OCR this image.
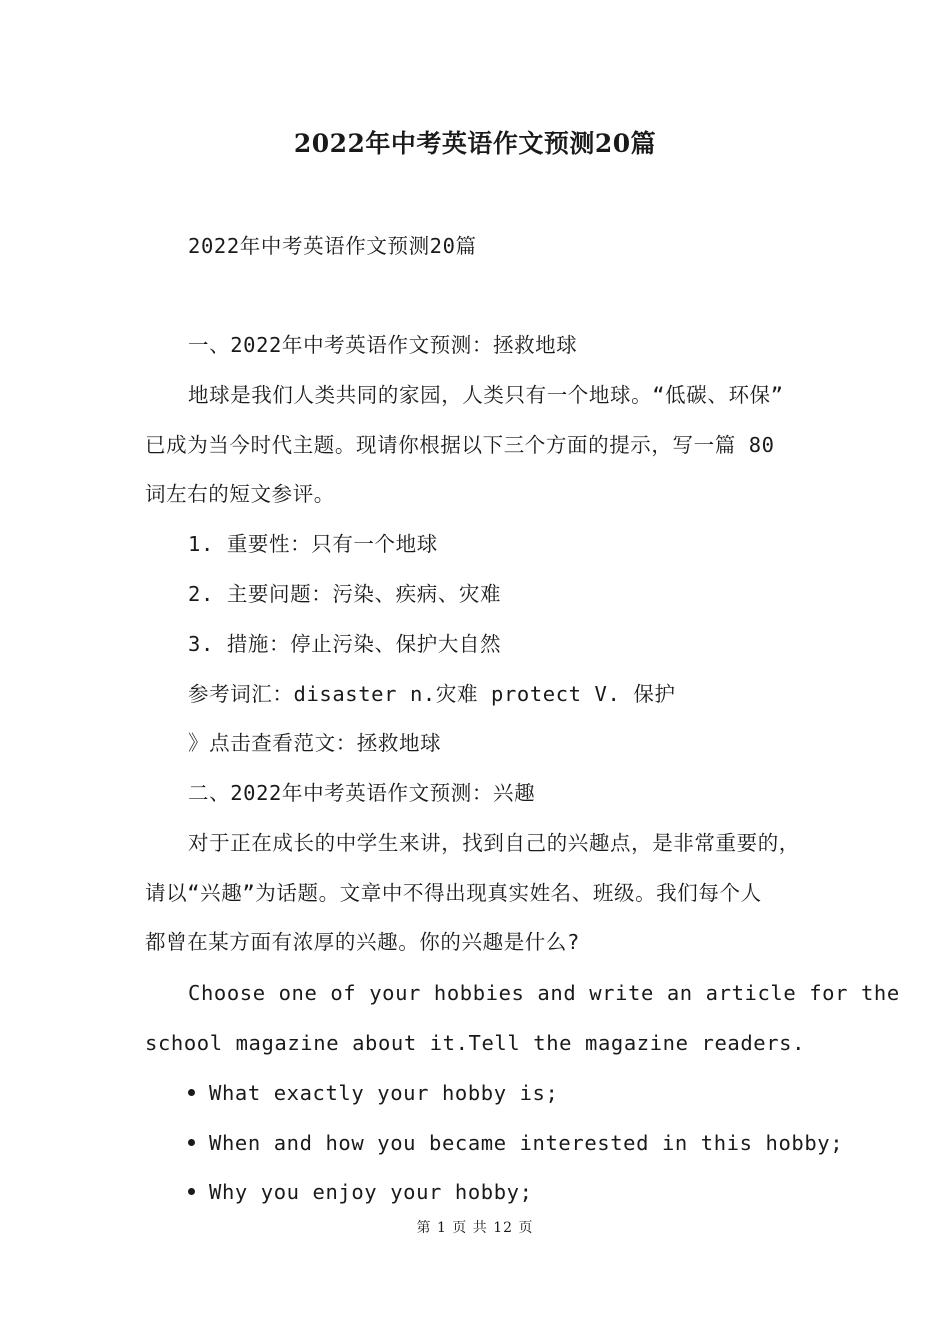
2022年中考英语作文预测20篇
2022年中考英语作文预测20篇
一、2022年中考英语作文预测：拯救地球
地球是我们人类共同的家园，人类只有一个地球。“低碳、环保”
已成为当今时代主题。现请你根据以下三个方面的提示，写一篇 80
词左右的短文参评。
1. 重要性：只有一个地球
2. 主要问题：污染、疾病、灾难
3. 措施：停止污染、保护大自然
参考词汇：disaster n.灾难 protect V. 保护
》点击查看范文：拯救地球
二、2022年中考英语作文预测：兴趣
对于正在成长的中学生来讲，找到自己的兴趣点，是非常重要的，
请以“兴趣”为话题。文章中不得出现真实姓名、班级。我们每个人
都曾在某方面有浓厚的兴趣。你的兴趣是什么?
Choose one of your hobbies and write an article for the
school magazine about it.Tell the magazine readers.
What exactly your hobby is;
When and how you became interested in this hobby;
Why you enjoy your hobby;
第 1 页 共 12 页
